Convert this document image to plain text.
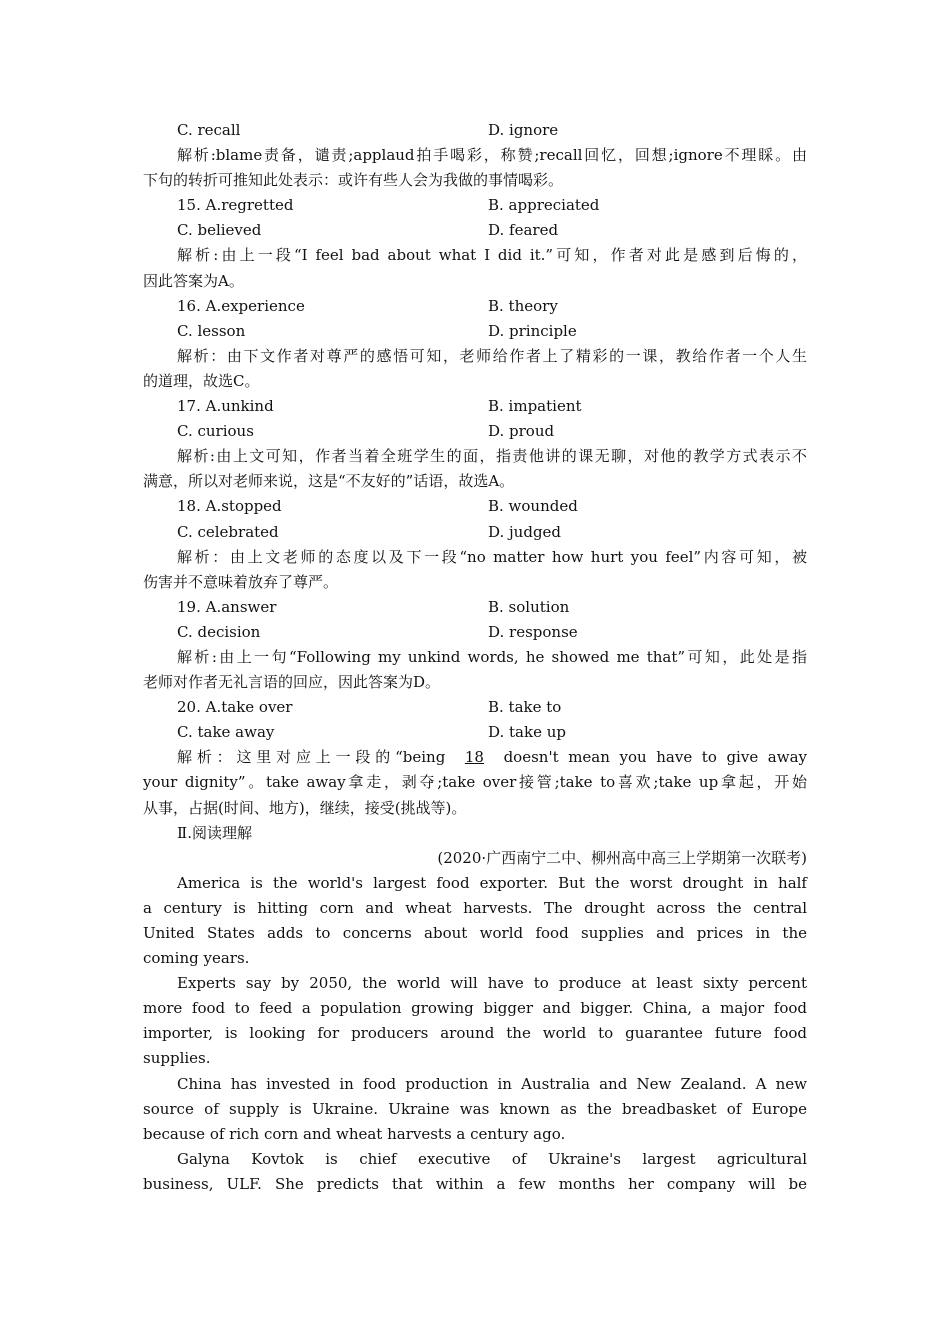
C. recall	D. ignore
解析:blame责备，谴责;applaud拍手喝彩，称赞;recall回忆，回想;ignore不理睬。由
下句的转折可推知此处表示：或许有些人会为我做的事情喝彩。
15. A.regretted	B. appreciated
C. believed	D. feared
解析:由上一段“I feel bad about what I did it.”可知，作者对此是感到后悔的，
因此答案为A。
16. A.experience	B. theory
C. lesson	D. principle
解析：由下文作者对尊严的感悟可知，老师给作者上了精彩的一课，教给作者一个人生
的道理，故选C。
17. A.unkind	B. impatient
C. curious	D. proud
解析:由上文可知，作者当着全班学生的面，指责他讲的课无聊，对他的教学方式表示不
满意，所以对老师来说，这是“不友好的”话语，故选A。
18. A.stopped	B. wounded
C. celebrated	D. judged
解析：由上文老师的态度以及下一段“no matter how hurt you feel”内容可知，被
伤害并不意味着放弃了尊严。
19. A.answer	B. solution
C. decision	D. response
解析:由上一句“Following my unkind words, he showed me that”可知，此处是指
老师对作者无礼言语的回应，因此答案为D。
20. A.take over	B. take to
C. take away	D. take up
解析：这里对应上一段的“being 18 doesn't mean you have to give away
your dignity”。take away拿走，剥夺;take over接管;take to喜欢;take up拿起，开始
从事，占据(时间、地方)，继续，接受(挑战等)。
Ⅱ.阅读理解
(2020·广西南宁二中、柳州高中高三上学期第一次联考)
America is the world's largest food exporter. But the worst drought in half
a century is hitting corn and wheat harvests. The drought across the central
United States adds to concerns about world food supplies and prices in the
coming years.
Experts say by 2050, the world will have to produce at least sixty percent
more food to feed a population growing bigger and bigger. China, a major food
importer, is looking for producers around the world to guarantee future food
supplies.
China has invested in food production in Australia and New Zealand. A new
source of supply is Ukraine. Ukraine was known as the breadbasket of Europe
because of rich corn and wheat harvests a century ago.
Galyna Kovtok is chief executive of Ukraine's largest agricultural
business, ULF. She predicts that within a few months her company will be
